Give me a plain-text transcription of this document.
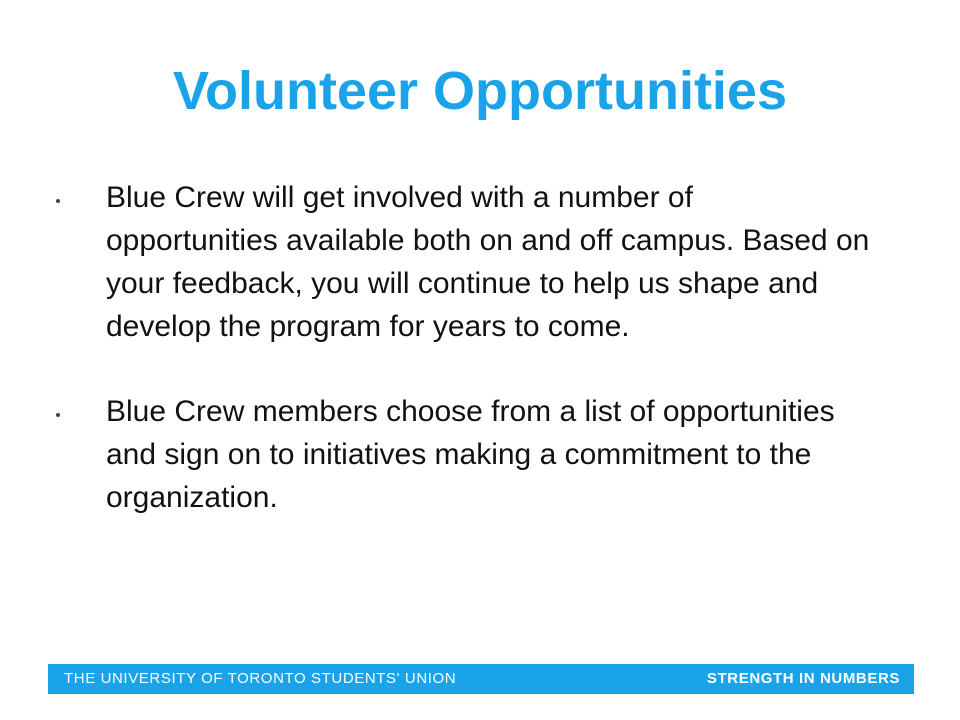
Volunteer Opportunities
Blue Crew will get involved with a number of opportunities available both on and off campus. Based on your feedback, you will continue to help us shape and develop the program for years to come.
Blue Crew members choose from a list of opportunities and sign on to initiatives making a commitment to the organization.
THE UNIVERSITY OF TORONTO STUDENTS' UNION	STRENGTH IN NUMBERS
